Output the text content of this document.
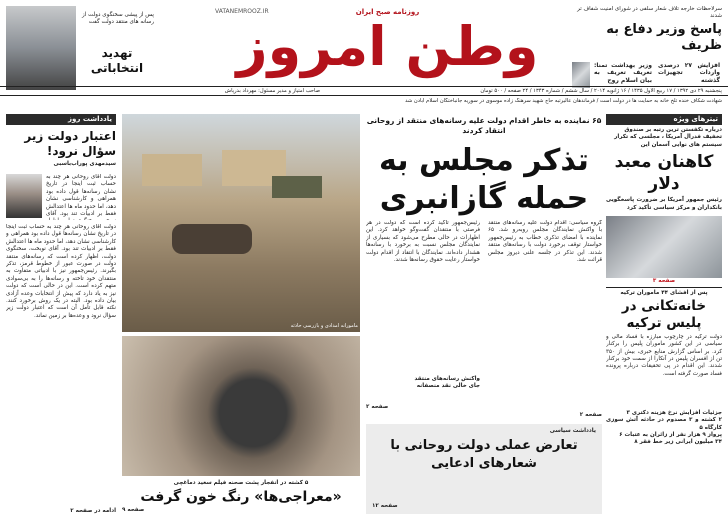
سرلاحظات خارجه تلاف شعار سلفی در شورای امنیت شفاف تر شدند
پاسخ وزیر دفاع به ظریف
افزایش ۲۷ درصدی واردات تجهیزات گذشته
وزیر بهداشت تمنا: تعریف تعریف به بیان اسلام روح
روزنامه صبح ایران
VATANEMROOZ.IR
وطن امروز
پس از پیشی سخنگوی دولت از رسانه های منتقد دولت گفت
تهدید انتخاباتی
پنجشنبه ۲۹ دی ۱۳۹۲ / ۱۷ ربیع الاول ۱۴۳۵ / ۱۶ ژانویه ۲۰۱۴ / سال ششم / شماره ۱۳۴۳ / ۲۴ صفحه / ۵۰۰ تومان
صاحب امتیاز و مدیر مسئول: مهرداد بذرپاش
شهادت شکاف خنده تلخ خانه به حمایت ها در دولت است / فرماندهان عالیرتبه حاج شهید سرهنگ زاده موسوی در سوریه جانباختگان اسلام آبادن شد
یادداشت روز
اعتبار دولت زیر سؤال نرود!
سیدمهدی پوراب‌باسبی
دولت آقای روحانی هر چند به حساب ثبت اینجا در تاریخ نشان رسانه‌ها قول داده بود همراهی و کارشناسی نشان دهد، اما حدود ماه ها اعتدالش فقط بر ادبیات تند بود. آقای
دولت آقای روحانی هر چند به حساب ثبت اینجا در تاریخ نشان رسانه‌ها قول داده بود همراهی و کارشناسی نشان دهد، اما حدود ماه ها اعتدالش فقط بر ادبیات تند بود. آقای نوبخت، سخنگوی دولت، اظهار کرده است که رسانه‌های منتقد دولت در صورت عبور از خطوط قرمز، تذکر بگیرند. رئیس‌جمهور نیز با ادبیاتی متفاوت به منتقدان خود تاخته و رسانه‌ها را به بی‌سوادی متهم کرده است. این در حالی است که دولت نیز به یاد دارد که پیش از انتخابات وعده آزادی بیان داده بود. البته در یک روش برخورد کنند. نکته قابل تأمل آن است که اعتبار دولت زیر سؤال نرود و وعده‌ها بر زمین نماند.
ادامه در صفحه ۲
مامورانه امدادی و بازرسی حادثه
۵ کشته در انفجار پشت صحنه فیلم سعید دماغچی
«معراجی‌ها» رنگ خون گرفت
صفحه ۹
۶۵ نماینده به خاطر اقدام دولت علیه رسانه‌های منتقد از روحانی انتقاد کردند
تذکر مجلس به
حمله گازانبری
گروه سیاسی: اقدام دولت علیه رسانه‌های منتقد با واکنش نمایندگان مجلس روبه‌رو شد. ۶۵ نماینده با امضای تذکری خطاب به رئیس‌جمهور خواستار توقف برخورد دولت با رسانه‌های منتقد شدند. این تذکر در جلسه علنی دیروز مجلس قرائت شد.
رئیس‌جمهور تاکید کرده است که دولت در هر فرصتی با منتقدان گفت‌وگو خواهد کرد. این اظهارات در حالی مطرح می‌شود که بسیاری از نمایندگان مجلس نسبت به برخورد با رسانه‌ها هشدار داده‌اند. نمایندگان با انتقاد از اقدام دولت خواستار رعایت حقوق رسانه‌ها شدند.
واکنش رسانه‌های منتقد
جای خالی نقد منصفانه
صفحه ۲
صفحه ۲
یادداشت سیاسی
تعارض عملی دولت روحانی با شعارهای ادعایی
صفحه ۱۲
تیترهای ویژه
درباره تکفستن ترین رتبه بر صندوق تخفیف فدرال آمریکا ، مجلسی که تکرار سیستم های نوایی آسمان این
کاهنان معبد دلار
رئیس جمهور آمریکا بر ضرورت پاسخگویی بانکداران و مرکز سیاسی تأکید کرد
صفحه ۳
پس از افشای ۴۴ ماموران ترکیه
خانه‌تکانی در پلیس ترکیه
دولت ترکیه در چارچوب مبارزه با فساد مالی و سیاسی در این کشور ماموران پلیس را برکنار کرد. بر اساس گزارش منابع خبری، بیش از ۳۵۰ تن از افسران پلیس در آنکارا از سمت خود برکنار شدند. این اقدام در پی تحقیقات درباره پرونده فساد صورت گرفته است.
جزئیات افزایش نرخ هزینه دکتری ۳
۲ کشته و ۳ مصدوم در حادثه آتش سوزی کارگاه ۵
پرواز ۹ هزار نفر از زائران به عتبات ۶
۳۴ میلیون ایرانی زیر خط فقر ۸
